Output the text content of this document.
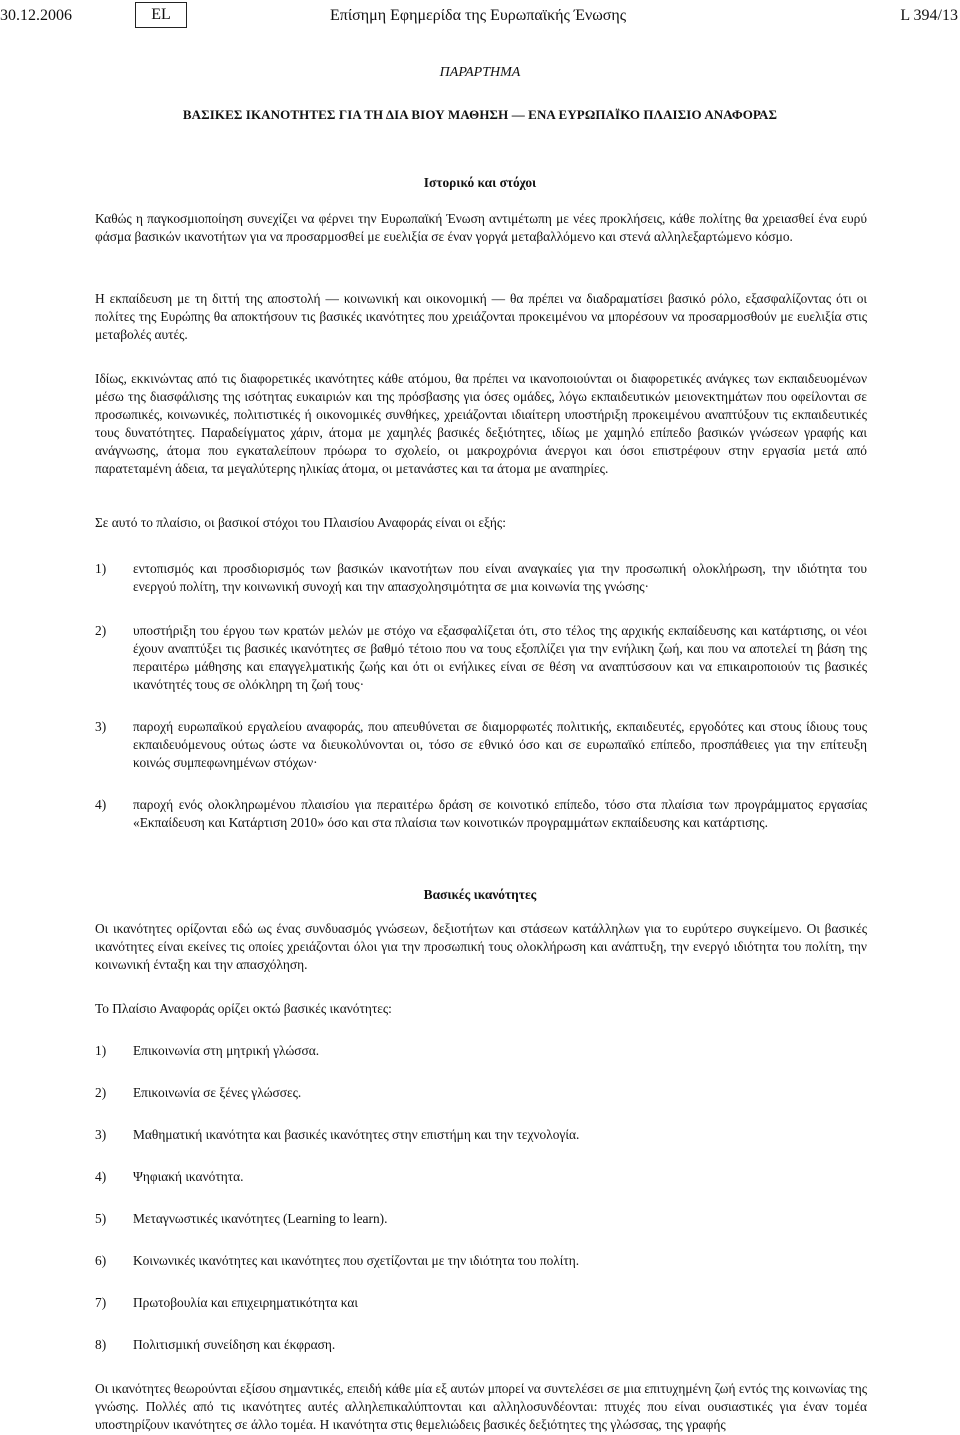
30.12.2006	EL	Επίσημη Εφημερίδα της Ευρωπαϊκής Ένωσης	L 394/13
ΠΑΡΑΡΤΗΜΑ
ΒΑΣΙΚΕΣ ΙΚΑΝΟΤΗΤΕΣ ΓΙΑ ΤΗ ΔΙΑ ΒΙΟΥ ΜΑΘΗΣΗ — ΕΝΑ ΕΥΡΩΠΑΪΚΟ ΠΛΑΙΣΙΟ ΑΝΑΦΟΡΑΣ
Ιστορικό και στόχοι

Καθώς η παγκοσμιοποίηση συνεχίζει να φέρνει την Ευρωπαϊκή Ένωση αντιμέτωπη με νέες προκλήσεις, κάθε πολίτης θα χρειασθεί ένα ευρύ φάσμα βασικών ικανοτήτων για να προσαρμοσθεί με ευελιξία σε έναν γοργά μεταβαλλόμενο και στενά αλληλεξαρτώμενο κόσμο.

Η εκπαίδευση με τη διττή της αποστολή — κοινωνική και οικονομική — θα πρέπει να διαδραματίσει βασικό ρόλο, εξασφαλίζοντας ότι οι πολίτες της Ευρώπης θα αποκτήσουν τις βασικές ικανότητες που χρειάζονται προκειμένου να μπορέσουν να προσαρμοσθούν με ευελιξία στις μεταβολές αυτές.

Ιδίως, εκκινώντας από τις διαφορετικές ικανότητες κάθε ατόμου, θα πρέπει να ικανοποιούνται οι διαφορετικές ανάγκες των εκπαιδευομένων μέσω της διασφάλισης της ισότητας ευκαιριών και της πρόσβασης για όσες ομάδες, λόγω εκπαιδευτικών μειονεκτημάτων που οφείλονται σε προσωπικές, κοινωνικές, πολιτιστικές ή οικονομικές συνθήκες, χρειάζονται ιδιαίτερη υποστήριξη προκειμένου αναπτύξουν τις εκπαιδευτικές τους δυνατότητες. Παραδείγματος χάριν, άτομα με χαμηλές βασικές δεξιότητες, ιδίως με χαμηλό επίπεδο βασικών γνώσεων γραφής και ανάγνωσης, άτομα που εγκαταλείπουν πρόωρα το σχολείο, οι μακροχρόνια άνεργοι και όσοι επιστρέφουν στην εργασία μετά από παρατεταμένη άδεια, τα μεγαλύτερης ηλικίας άτομα, οι μετανάστες και τα άτομα με αναπηρίες.

Σε αυτό το πλαίσιο, οι βασικοί στόχοι του Πλαισίου Αναφοράς είναι οι εξής:

1)	εντοπισμός και προσδιορισμός των βασικών ικανοτήτων που είναι αναγκαίες για την προσωπική ολοκλήρωση, την ιδιότητα του ενεργού πολίτη, την κοινωνική συνοχή και την απασχολησιμότητα σε μια κοινωνία της γνώσης·
2)	υποστήριξη του έργου των κρατών μελών με στόχο να εξασφαλίζεται ότι, στο τέλος της αρχικής εκπαίδευσης και κατάρτισης, οι νέοι έχουν αναπτύξει τις βασικές ικανότητες σε βαθμό τέτοιο που να τους εξοπλίζει για την ενήλικη ζωή, και που να αποτελεί τη βάση της περαιτέρω μάθησης και επαγγελματικής ζωής και ότι οι ενήλικες είναι σε θέση να αναπτύσσουν και να επικαιροποιούν τις βασικές ικανότητές τους σε ολόκληρη τη ζωή τους·
3)	παροχή ευρωπαϊκού εργαλείου αναφοράς, που απευθύνεται σε διαμορφωτές πολιτικής, εκπαιδευτές, εργοδότες και στους ίδιους τους εκπαιδευόμενους ούτως ώστε να διευκολύνονται οι, τόσο σε εθνικό όσο και σε ευρωπαϊκό επίπεδο, προσπάθειες για την επίτευξη κοινώς συμπεφωνημένων στόχων·
4)	παροχή ενός ολοκληρωμένου πλαισίου για περαιτέρω δράση σε κοινοτικό επίπεδο, τόσο στα πλαίσια των προγράμματος εργασίας «Εκπαίδευση και Κατάρτιση 2010» όσο και στα πλαίσια των κοινοτικών προγραμμάτων εκπαίδευσης και κατάρτισης.
Βασικές ικανότητες

Οι ικανότητες ορίζονται εδώ ως ένας συνδυασμός γνώσεων, δεξιοτήτων και στάσεων κατάλληλων για το ευρύτερο συγκείμενο. Οι βασικές ικανότητες είναι εκείνες τις οποίες χρειάζονται όλοι για την προσωπική τους ολοκλήρωση και ανάπτυξη, την ενεργό ιδιότητα του πολίτη, την κοινωνική ένταξη και την απασχόληση.

Το Πλαίσιο Αναφοράς ορίζει οκτώ βασικές ικανότητες:

1)	Επικοινωνία στη μητρική γλώσσα.
2)	Επικοινωνία σε ξένες γλώσσες.
3)	Μαθηματική ικανότητα και βασικές ικανότητες στην επιστήμη και την τεχνολογία.
4)	Ψηφιακή ικανότητα.
5)	Μεταγνωστικές ικανότητες (Learning to learn).
6)	Κοινωνικές ικανότητες και ικανότητες που σχετίζονται με την ιδιότητα του πολίτη.
7)	Πρωτοβουλία και επιχειρηματικότητα και
8)	Πολιτισμική συνείδηση και έκφραση.

Οι ικανότητες θεωρούνται εξίσου σημαντικές, επειδή κάθε μία εξ αυτών μπορεί να συντελέσει σε μια επιτυχημένη ζωή εντός της κοινωνίας της γνώσης. Πολλές από τις ικανότητες αυτές αλληλεπικαλύπτονται και αλληλοσυνδέονται: πτυχές που είναι ουσιαστικές για έναν τομέα υποστηρίζουν ικανότητες σε άλλο τομέα. Η ικανότητα στις θεμελιώδεις βασικές δεξιότητες της γλώσσας, της γραφής
